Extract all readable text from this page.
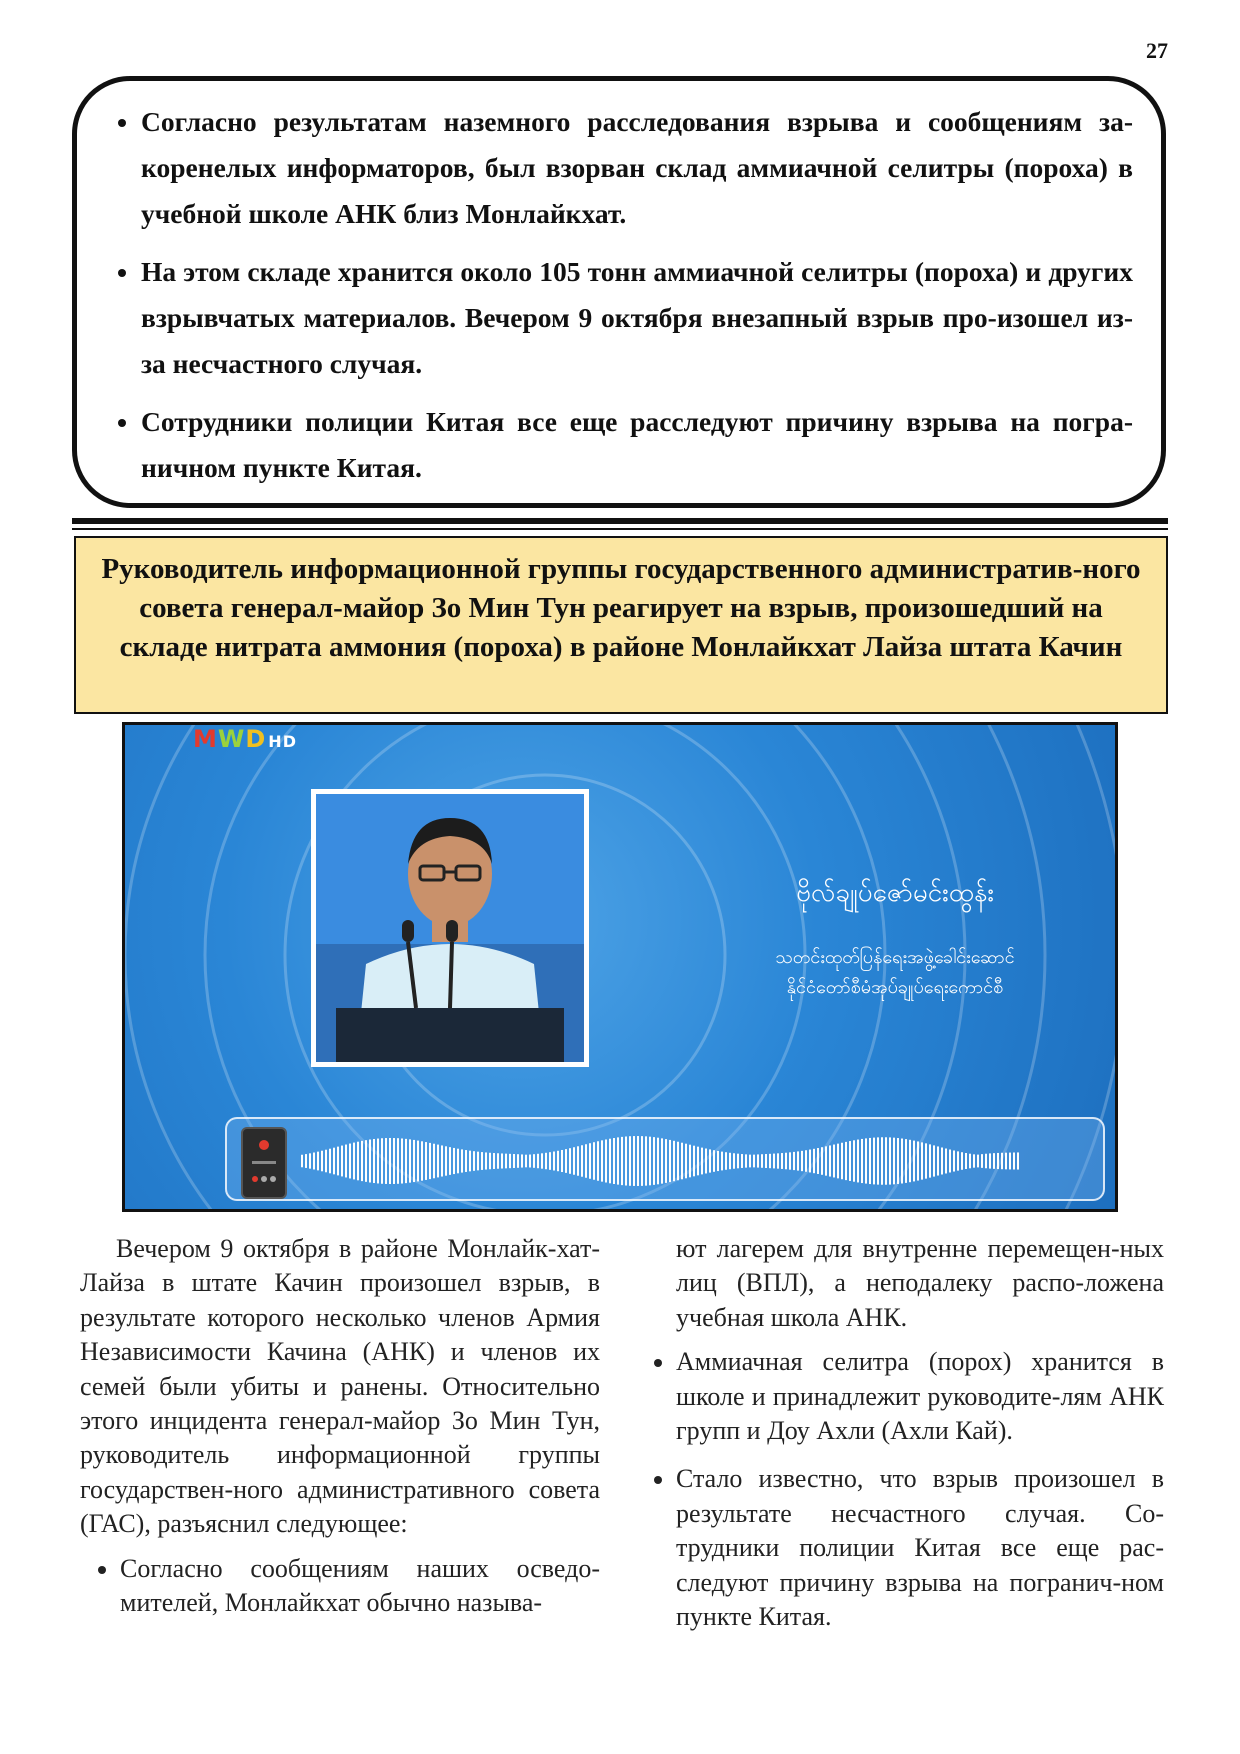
27
• Согласно результатам наземного расследования взрыва и сообщениям за-коренелых информаторов, был взорван склад аммиачной селитры (пороха) в учебной школе АНК близ Монлайкхат.
• На этом складе хранится около 105 тонн аммиачной селитры (пороха) и других взрывчатых материалов. Вечером 9 октября внезапный взрыв про-изошел из-за несчастного случая.
• Сотрудники полиции Китая все еще расследуют причину взрыва на погра-ничном пункте Китая.

Руководитель информационной группы государственного административ-ного совета генерал-майор Зо Мин Тун реагирует на взрыв, произошедший на складе нитрата аммония (пороха) в районе Монлайкхат Лайза штата Качин

MWD HD
ဗိုလ်ချုပ်ဇော်မင်းထွန်း
သတင်းထုတ်ပြန်ရေးအဖွဲ့ခေါင်းဆောင်
နိုင်ငံတော်စီမံအုပ်ချုပ်ရေးကောင်စီ

Вечером 9 октября в районе Монлайк-хат-Лайза в штате Качин произошел взрыв, в результате которого несколько членов Армия Независимости Качина (АНК) и членов их семей были убиты и ранены. Относительно этого инцидента генерал-майор Зо Мин Тун, руководитель информационной группы государствен-ного административного совета (ГАС), разъяснил следующее:

• Согласно сообщениям наших осведо-мителей, Монлайкхат обычно называ-

ют лагерем для внутренне перемещен-ных лиц (ВПЛ), а неподалеку распо-ложена учебная школа АНК.

• Аммиачная селитра (порох) хранится в школе и принадлежит руководите-лям АНК групп и Доу Ахли (Ахли Кай).
• Стало известно, что взрыв произошел в результате несчастного случая. Со-трудники полиции Китая все еще рас-следуют причину взрыва на погранич-ном пункте Китая.
